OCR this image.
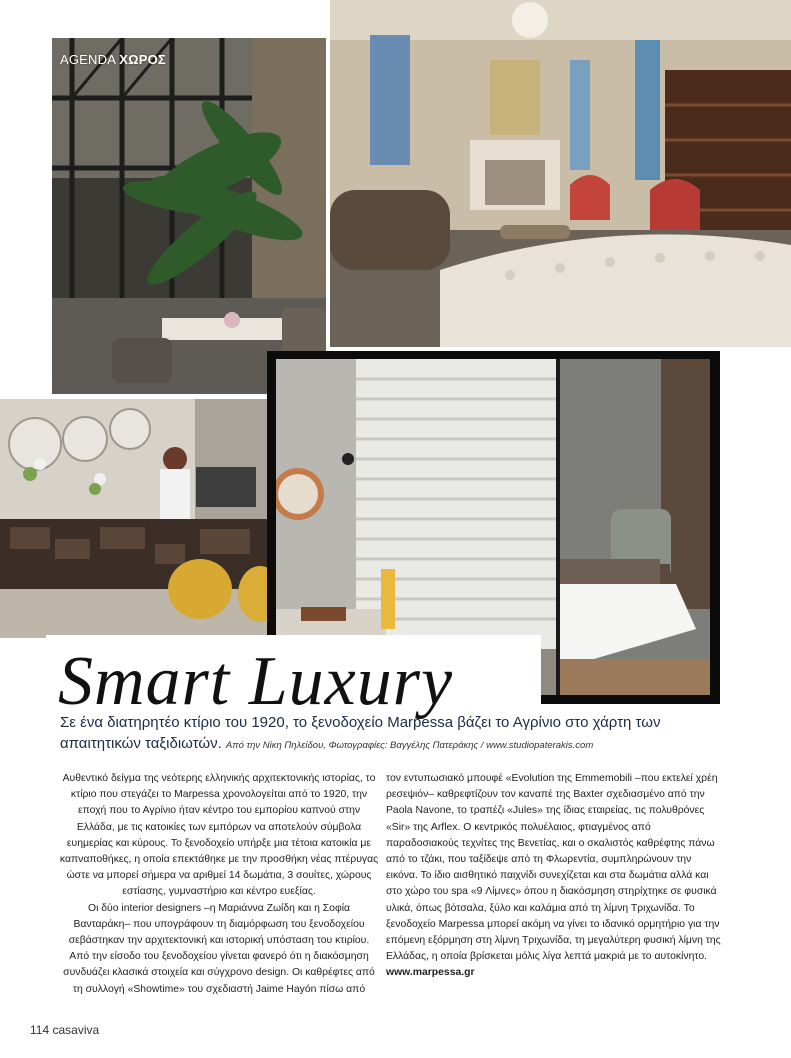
AGENDA ΧΩΡΟΣ
Smart Luxury
Σε ένα διατηρητέο κτίριο του 1920, το ξενοδοχείο Marpessa βάζει το Αγρίνιο στο χάρτη των απαιτητικών ταξιδιωτών. Από την Νίκη Πηλείδου, Φωτογραφίες: Βαγγέλης Πατεράκης / www.studiopaterakis.com

Αυθεντικό δείγμα της νεότερης ελληνικής αρχιτεκτονικής ιστορίας, το κτίριο που στεγάζει το Marpessa χρονολογείται από το 1920, την εποχή που το Αγρίνιο ήταν κέντρο του εμπορίου καπνού στην Ελλάδα, με τις κατοικίες των εμπόρων να αποτελούν σύμβολα ευημερίας και κύρους. Το ξενοδοχείο υπήρξε μια τέτοια κατοικία με καπναποθήκες, η οποία επεκτάθηκε με την προσθήκη νέας πτέρυγας ώστε να μπορεί σήμερα να αριθμεί 14 δωμάτια, 3 σουίτες, χώρους εστίασης, γυμναστήριο και κέντρο ευεξίας.

Οι δύο interior designers –η Μαριάννα Ζωίδη και η Σοφία Βανταράκη– που υπογράφουν τη διαμόρφωση του ξενοδοχείου σεβάστηκαν την αρχιτεκτονική και ιστορική υπόσταση του κτιρίου. Από την είσοδο του ξενοδοχείου γίνεται φανερό ότι η διακόσμηση συνδυάζει κλασικά στοιχεία και σύγχρονο design. Οι καθρέφτες από τη συλλογή «Showtime» του σχεδιαστή Jaime Hayón πίσω από

τον εντυπωσιακό μπουφέ «Evolution της Emmemobili –που εκτελεί χρέη ρεσεψιόν– καθρεφτίζουν τον καναπέ της Baxter σχεδιασμένο από την Paola Navone, το τραπέζι «Jules» της ίδιας εταιρείας, τις πολυθρόνες «Sir» της Arflex. Ο κεντρικός πολυέλαιος, φτιαγμένος από παραδοσιακούς τεχνίτες της Βενετίας, και ο σκαλιστός καθρέφτης πάνω από το τζάκι, που ταξίδεψε από τη Φλωρεντία, συμπληρώνουν την εικόνα. Το ίδιο αισθητικό παιχνίδι συνεχίζεται και στα δωμάτια αλλά και στο χώρο του spa «9 Λίμνες» όπου η διακόσμηση στηρίχτηκε σε φυσικά υλικά, όπως βότσαλα, ξύλο και καλάμια από τη λίμνη Τριχωνίδα. Το ξενοδοχείο Marpessa μπορεί ακόμη να γίνει το ιδανικό ορμητήριο για την επόμενη εξόρμηση στη λίμνη Τριχωνίδα, τη μεγαλύτερη φυσική λίμνη της Ελλάδας, η οποία βρίσκεται μόλις λίγα λεπτά μακριά με το αυτοκίνητο.

www.marpessa.gr

114 casaviva
